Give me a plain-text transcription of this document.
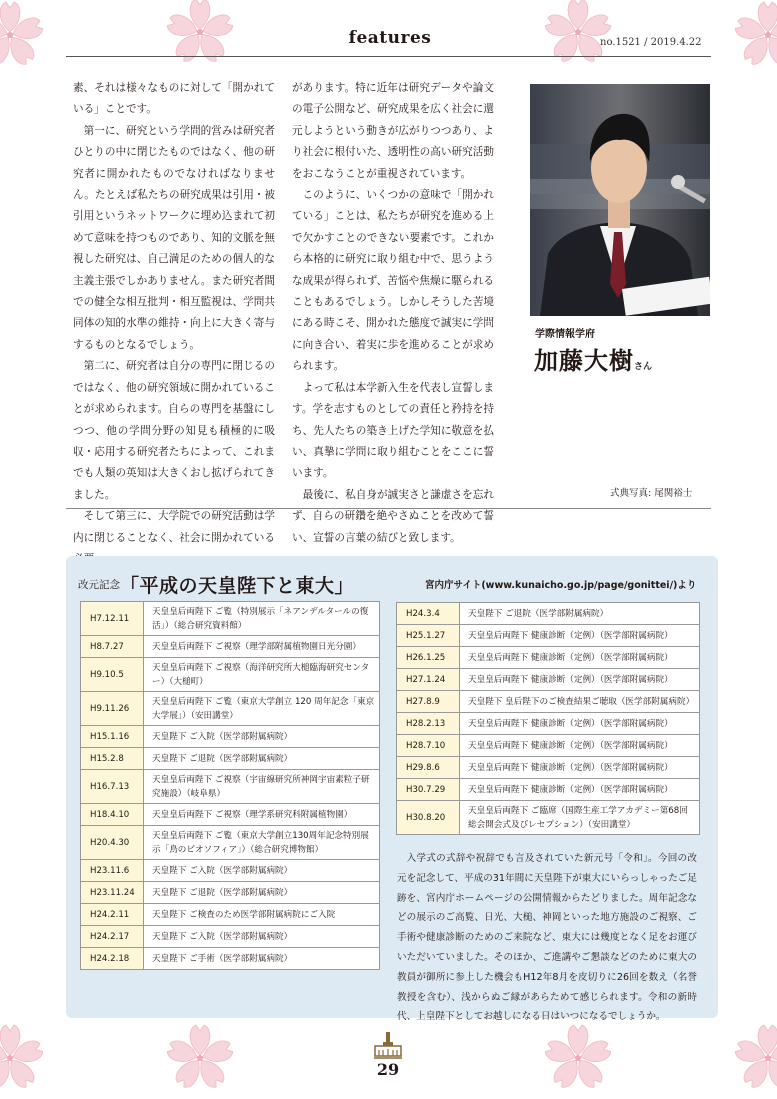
features	no.1521 / 2019.4.22

素、それは様々なものに対して「開かれている」ことです。

第一に、研究という学問的営みは研究者ひとりの中に閉じたものではなく、他の研究者に開かれたものでなければなりません。たとえば私たちの研究成果は引用・被引用というネットワークに埋め込まれて初めて意味を持つものであり、知的文脈を無視した研究は、自己満足のための個人的な主義主張でしかありません。また研究者間での健全な相互批判・相互監視は、学問共同体の知的水準の維持・向上に大きく寄与するものとなるでしょう。

第二に、研究者は自分の専門に閉じるのではなく、他の研究領域に開かれていることが求められます。自らの専門を基盤にしつつ、他の学問分野の知見も積極的に吸収・応用する研究者たちによって、これまでも人類の英知は大きくおし拡げられてきました。

そして第三に、大学院での研究活動は学内に閉じることなく、社会に開かれている

があります。特に近年は研究データや論文の電子公開など、研究成果を広く社会に還元しようという動きが広がりつつあり、より社会に根付いた、透明性の高い研究活動をおこなうことが重視されています。

このように、いくつかの意味で「開かれている」ことは、私たちが研究を進める上で欠かすことのできない要素です。これから本格的に研究に取り組む中で、思うような成果が得られず、苦悩や焦燥に駆られることもあるでしょう。しかしそうした苦境にある時こそ、開かれた態度で誠実に学問に向き合い、着実に歩を進めることが求められます。

よって私は本学新入生を代表し宣誓します。学を志すものとしての責任と矜持を持ち、先人たちの築き上げた学知に敬意を払い、真摯に学問に取り組むことをここに誓います。

最後に、私自身が誠実さと謙虚さを忘れず、自らの研鑽を絶やさぬことを改めて誓い、宣誓の言葉の結びと致します。

学際情報学府
加藤大樹さん
式典写真: 尾関裕士
改元記念「平成の天皇陛下と東大」	宮内庁サイト(www.kunaicho.go.jp/page/gonittei/)より
H7.12.11	天皇皇后両陛下 ご覧（特別展示「ネアンデルタールの復活」）（総合研究資料館）
H8.7.27	天皇皇后両陛下 ご視察（理学部附属植物園日光分園）
H9.10.5	天皇皇后両陛下 ご視察（海洋研究所大槌臨海研究センター）（大槌町）
H9.11.26	天皇皇后両陛下 ご覧（東京大学創立 120 周年記念「東京大学展」）（安田講堂）
H15.1.16	天皇陛下 ご入院（医学部附属病院）
H15.2.8	天皇陛下 ご退院（医学部附属病院）
H16.7.13	天皇皇后両陛下 ご視察（宇宙線研究所神岡宇宙素粒子研究施設）（岐阜県）
H18.4.10	天皇皇后両陛下 ご視察（理学系研究科附属植物園）
H20.4.30	天皇皇后両陛下 ご覧（東京大学創立130周年記念特別展示「鳥のビオソフィア」）（総合研究博物館）
H23.11.6	天皇陛下 ご入院（医学部附属病院）
H23.11.24	天皇陛下 ご退院（医学部附属病院）
H24.2.11	天皇陛下 ご検査のため医学部附属病院にご入院
H24.2.17	天皇陛下 ご入院（医学部附属病院）
H24.2.18	天皇陛下 ご手術（医学部附属病院）
H24.3.4	天皇陛下 ご退院（医学部附属病院）
H25.1.27	天皇皇后両陛下 健康診断（定例）（医学部附属病院）
H26.1.25	天皇皇后両陛下 健康診断（定例）（医学部附属病院）
H27.1.24	天皇皇后両陛下 健康診断（定例）（医学部附属病院）
H27.8.9	天皇陛下 皇后陛下のご検査結果ご聴取（医学部附属病院）
H28.2.13	天皇皇后両陛下 健康診断（定例）（医学部附属病院）
H28.7.10	天皇皇后両陛下 健康診断（定例）（医学部附属病院）
H29.8.6	天皇皇后両陛下 健康診断（定例）（医学部附属病院）
H30.7.29	天皇皇后両陛下 健康診断（定例）（医学部附属病院）
H30.8.20	天皇皇后両陛下 ご臨席（国際生産工学アカデミー第68回総会開会式及びレセプション）（安田講堂）

入学式の式辞や祝辞でも言及されていた新元号「令和」。今回の改元を記念して、平成の31年間に天皇陛下が東大にいらっしゃったご足跡を、宮内庁ホームページの公開情報からたどりました。周年記念などの展示のご高覧、日光、大槌、神岡といった地方施設のご視察、ご手術や健康診断のためのご来院など、東大には幾度となく足をお運びいただいていました。そのほか、ご進講やご懇談などのために東大の教員が御所に参上した機会もH12年8月を皮切りに26回を数え（名誉教授を含む）、浅からぬご縁があらためて感じられます。令和の新時代、上皇陛下としてお越しになる日はいつになるでしょうか。

29
